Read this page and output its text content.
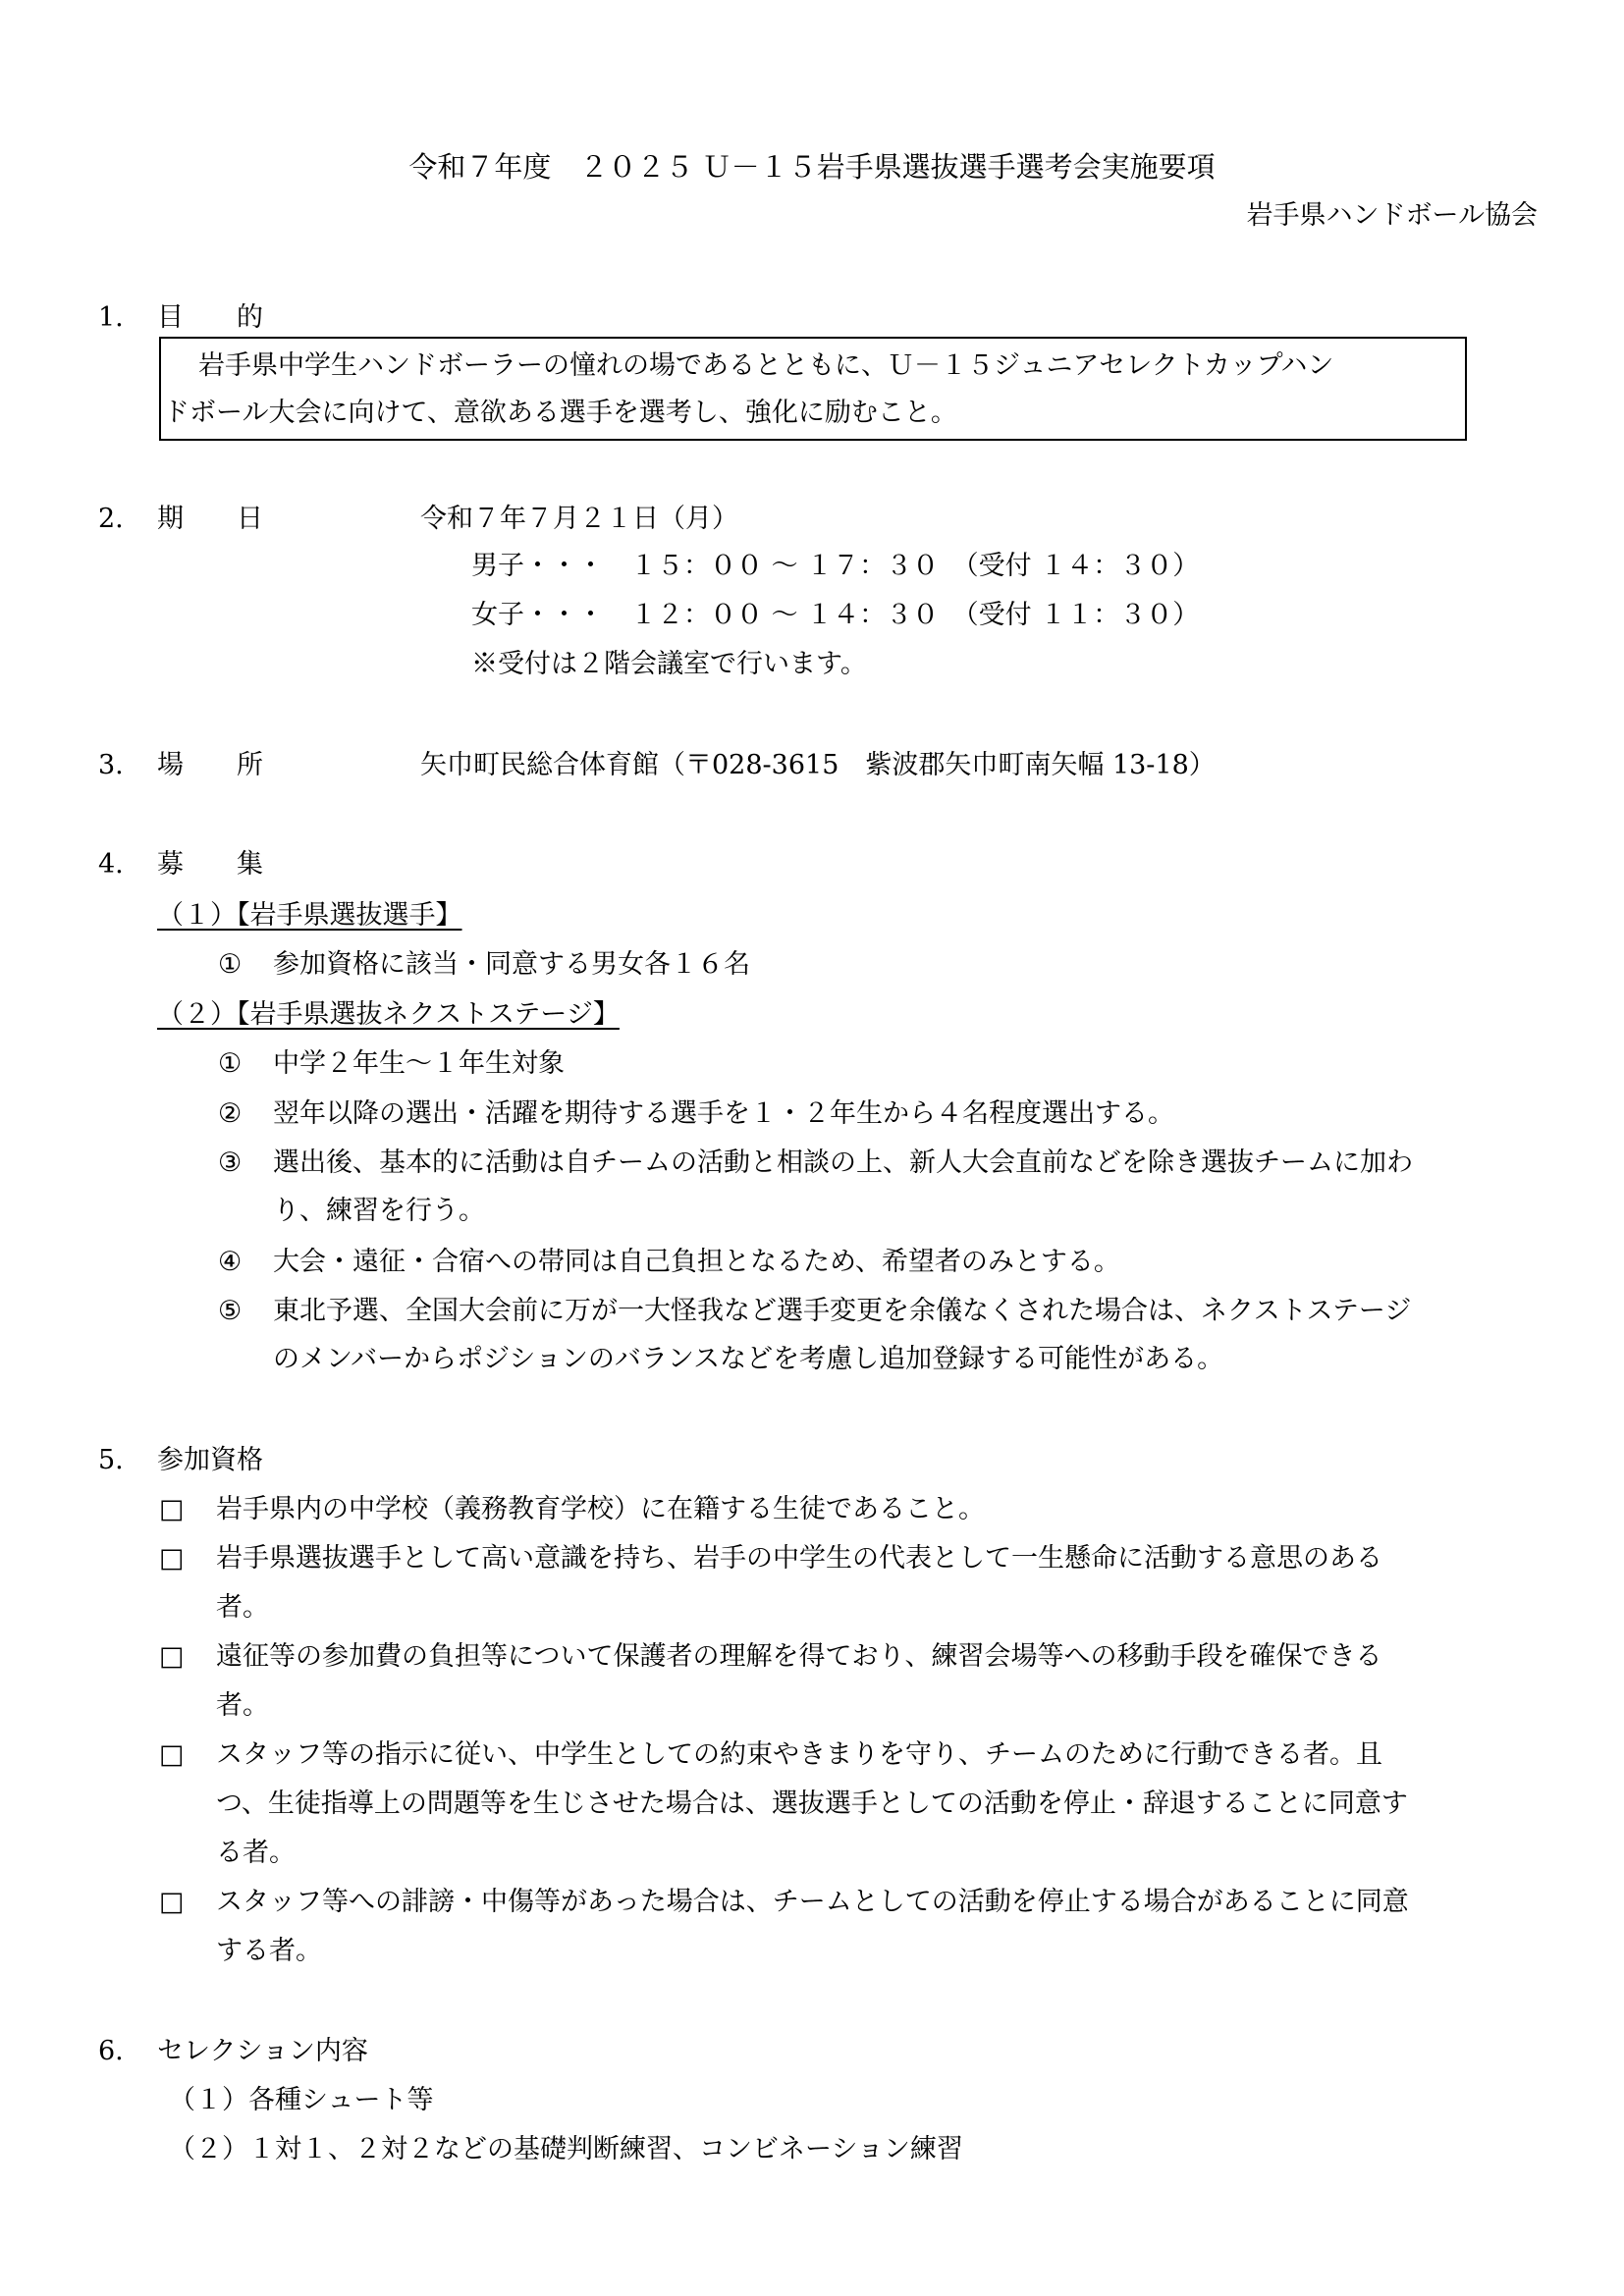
令和７年度　２０２５ Ｕ－１５岩手県選抜選手選考会実施要項
岩手県ハンドボール協会
1. 目　　的
岩手県中学生ハンドボーラーの憧れの場であるとともに、Ｕ－１５ジュニアセレクトカップハン
ドボール大会に向けて、意欲ある選手を選考し、強化に励むこと。
2. 期　　日	令和７年７月２１日（月）
男子・・・　１５：００ ～ １７：３０　（受付 １４：３０）
女子・・・　１２：００ ～ １４：３０　（受付 １１：３０）
※受付は２階会議室で行います。
3. 場　　所	矢巾町民総合体育館（〒028-3615　紫波郡矢巾町南矢幅 13-18）
4. 募　　集
（１）【岩手県選抜選手】
① 参加資格に該当・同意する男女各１６名
（２）【岩手県選抜ネクストステージ】
① 中学２年生～１年生対象
② 翌年以降の選出・活躍を期待する選手を１・２年生から４名程度選出する。
③ 選出後、基本的に活動は自チームの活動と相談の上、新人大会直前などを除き選抜チームに加わ
り、練習を行う。
④ 大会・遠征・合宿への帯同は自己負担となるため、希望者のみとする。
⑤ 東北予選、全国大会前に万が一大怪我など選手変更を余儀なくされた場合は、ネクストステージ
のメンバーからポジションのバランスなどを考慮し追加登録する可能性がある。
5. 参加資格
□ 岩手県内の中学校（義務教育学校）に在籍する生徒であること。
□ 岩手県選抜選手として高い意識を持ち、岩手の中学生の代表として一生懸命に活動する意思のある
者。
□ 遠征等の参加費の負担等について保護者の理解を得ており、練習会場等への移動手段を確保できる
者。
□ スタッフ等の指示に従い、中学生としての約束やきまりを守り、チームのために行動できる者。且
つ、生徒指導上の問題等を生じさせた場合は、選抜選手としての活動を停止・辞退することに同意す
る者。
□ スタッフ等への誹謗・中傷等があった場合は、チームとしての活動を停止する場合があることに同意
する者。
6. セレクション内容
（１）各種シュート等
（２）１対１、２対２などの基礎判断練習、コンビネーション練習
